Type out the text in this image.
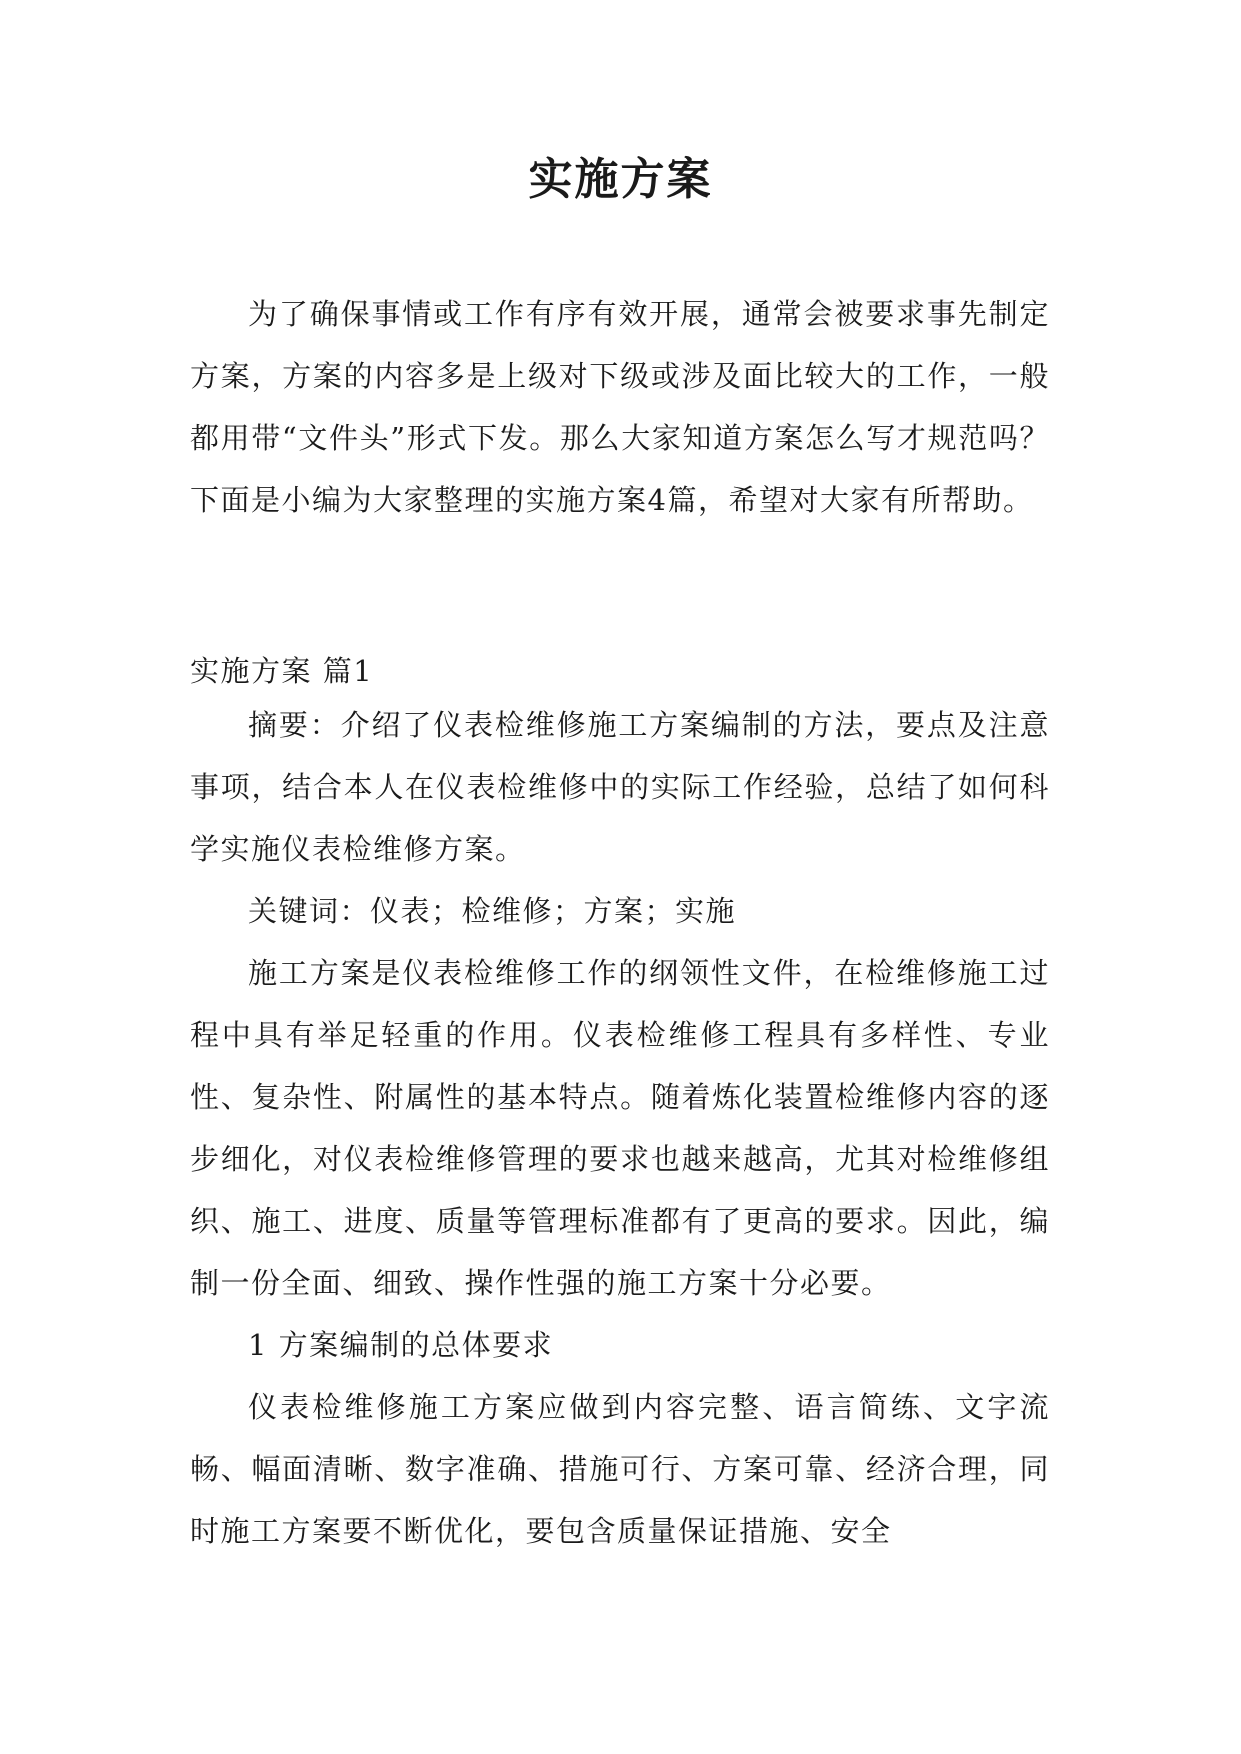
实施方案

为了确保事情或工作有序有效开展，通常会被要求事先制定方案，方案的内容多是上级对下级或涉及面比较大的工作，一般都用带“文件头”形式下发。那么大家知道方案怎么写才规范吗？下面是小编为大家整理的实施方案4篇，希望对大家有所帮助。

实施方案 篇1

摘要：介绍了仪表检维修施工方案编制的方法，要点及注意事项，结合本人在仪表检维修中的实际工作经验，总结了如何科学实施仪表检维修方案。

关键词：仪表；检维修；方案；实施

施工方案是仪表检维修工作的纲领性文件，在检维修施工过程中具有举足轻重的作用。仪表检维修工程具有多样性、专业性、复杂性、附属性的基本特点。随着炼化装置检维修内容的逐步细化，对仪表检维修管理的要求也越来越高，尤其对检维修组织、施工、进度、质量等管理标准都有了更高的要求。因此，编制一份全面、细致、操作性强的施工方案十分必要。

1 方案编制的总体要求

仪表检维修施工方案应做到内容完整、语言简练、文字流畅、幅面清晰、数字准确、措施可行、方案可靠、经济合理，同时施工方案要不断优化，要包含质量保证措施、安全
